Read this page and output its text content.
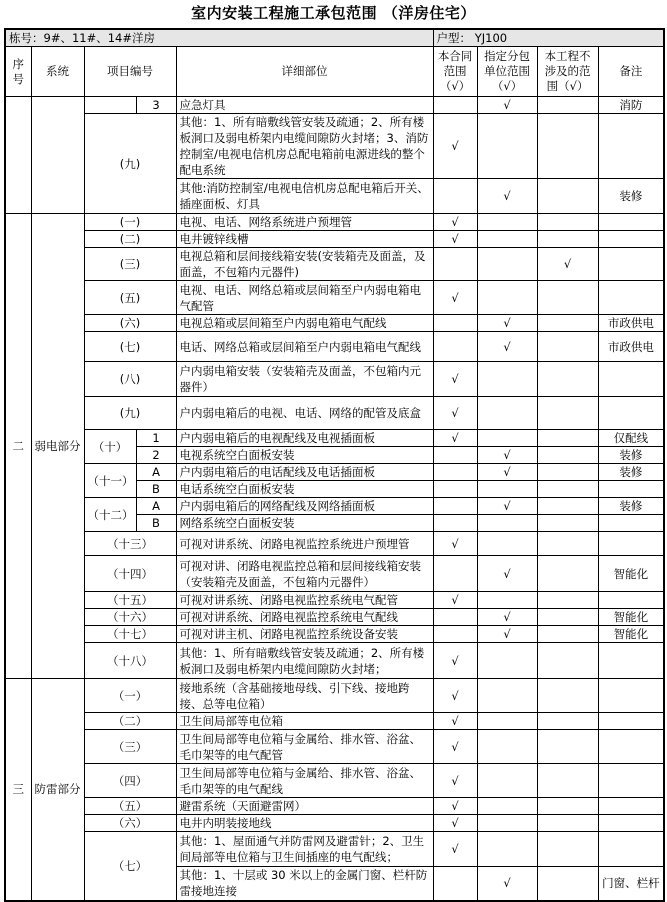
室内安装工程施工承包范围 （洋房住宅）
栋号：9#、11#、14#洋房					户型： YJ100			
序号	系统	项目编号		详细部位	本合同范围（√）	指定分包单位范围（√）	本工程不涉及的范围（√）	备注
			3	应急灯具		√		消防
		(九)		其他：1、所有暗敷线管安装及疏通；2、所有楼板洞口及弱电桥架内电缆间隙防火封堵；3、消防控制室/电视电信机房总配电箱前电源进线的整个配电系统	√			
				其他:消防控制室/电视电信机房总配电箱后开关、插座面板、灯具		√		装修
二	弱电部分	(一)		电视、电话、网络系统进户预埋管	√			
		(二)		电井镀锌线槽	√			
		(三)		电视总箱和层间接线箱安装(安装箱壳及面盖，及面盖，不包箱内元器件)			√	
		(五)		电视、电话、网络总箱或层间箱至户内弱电箱电气配管	√			
		(六)		电视总箱或层间箱至户内弱电箱电气配线		√		市政供电
		(七)		电话、网络总箱或层间箱至户内弱电箱电气配线		√		市政供电
		(八)		户内弱电箱安装（安装箱壳及面盖，不包箱内元器件）	√			
		(九)		户内弱电箱后的电视、电话、网络的配管及底盒	√			
		（十）	1	户内弱电箱后的电视配线及电视插面板	√			仅配线
			2	电视系统空白面板安装		√		装修
		（十一）	A	户内弱电箱后的电话配线及电话插面板		√		装修
			B	电话系统空白面板安装				
		（十二）	A	户内弱电箱后的网络配线及网络插面板		√		装修
			B	网络系统空白面板安装				
		（十三）		可视对讲系统、闭路电视监控系统进户预埋管	√			
		（十四）		可视对讲、闭路电视监控总箱和层间接线箱安装（安装箱壳及面盖，不包箱内元器件）		√		智能化
		（十五）		可视对讲系统、闭路电视监控系统电气配管	√			
		（十六）		可视对讲系统、闭路电视监控系统电气配线		√		智能化
		（十七）		可视对讲主机、闭路电视监控系统设备安装		√		智能化
		（十八）		其他：1、所有暗敷线管安装及疏通；2、所有楼板洞口及弱电桥架内电缆间隙防火封堵；	√			
三	防雷部分	（一）		接地系统（含基础接地母线、引下线、接地跨接、总等电位箱）	√			
		（二）		卫生间局部等电位箱	√			
		（三）		卫生间局部等电位箱与金属给、排水管、浴盆、毛巾架等的电气配管	√			
		（四）		卫生间局部等电位箱与金属给、排水管、浴盆、毛巾架等的电气配线	√			
		（五）		避雷系统（天面避雷网）	√			
		（六）		电井内明装接地线	√			
		（七）		其他：1、屋面通气并防雷网及避雷针；2、卫生间局部等电位箱与卫生间插座的电气配线；	√			
				其他：1、十层或 30 米以上的金属门窗、栏杆防雷接地连接		√		门窗、栏杆
